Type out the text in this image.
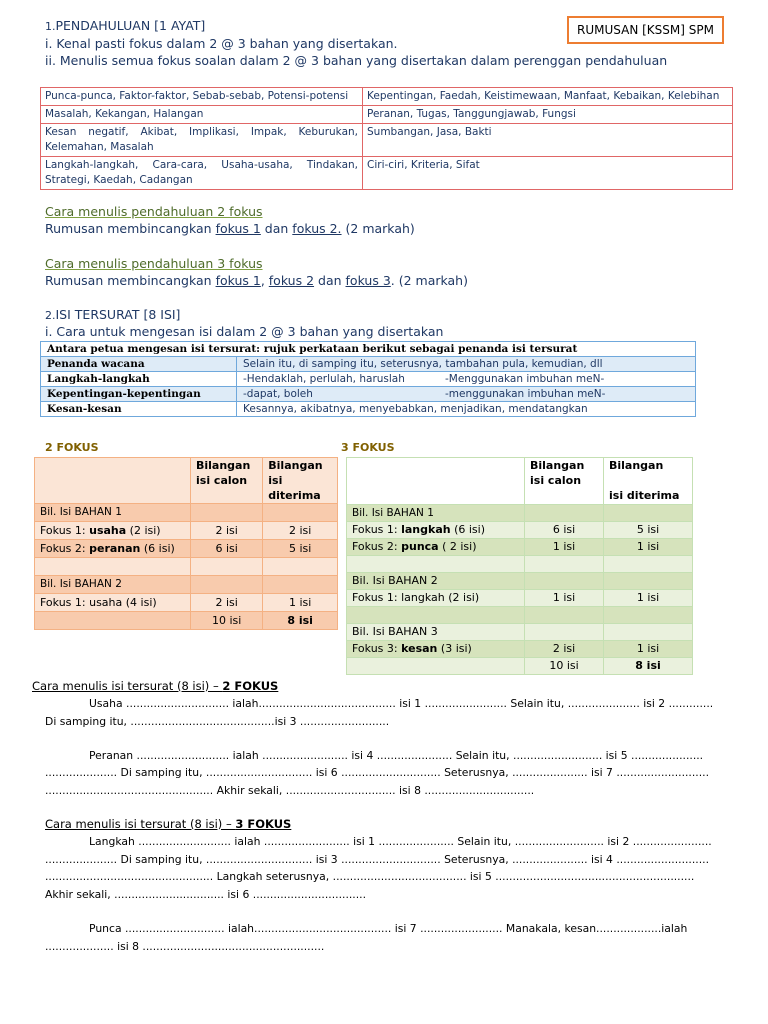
RUMUSAN [KSSM] SPM
1.PENDAHULUAN [1 AYAT]
i. Kenal pasti fokus dalam 2 @ 3 bahan yang disertakan.
ii. Menulis semua fokus soalan dalam 2 @ 3 bahan yang disertakan dalam perenggan pendahuluan
Punca-punca, Faktor-faktor, Sebab-sebab, Potensi-potensi	Kepentingan, Faedah, Keistimewaan, Manfaat, Kebaikan, Kelebihan
Masalah, Kekangan, Halangan	Peranan, Tugas, Tanggungjawab, Fungsi
Kesan negatif, Akibat, Implikasi, Impak, Keburukan, Kelemahan, Masalah	Sumbangan, Jasa, Bakti
Langkah-langkah, Cara-cara, Usaha-usaha, Tindakan, Strategi, Kaedah, Cadangan	Ciri-ciri, Kriteria, Sifat
Cara menulis pendahuluan 2 fokus
Rumusan membincangkan fokus 1 dan fokus 2. (2 markah)
Cara menulis pendahuluan 3 fokus
Rumusan membincangkan fokus 1, fokus 2 dan fokus 3. (2 markah)
2.ISI TERSURAT [8 ISI]
i. Cara untuk mengesan isi dalam 2 @ 3 bahan yang disertakan
Antara petua mengesan isi tersurat: rujuk perkataan berikut sebagai penanda isi tersurat		
Penanda wacana	Selain itu, di samping itu, seterusnya, tambahan pula, kemudian, dll	
Langkah-langkah	-Hendaklah, perlulah, haruslah	-Menggunakan imbuhan meN-
Kepentingan-kepentingan	-dapat, boleh	-menggunakan imbuhan meN-
Kesan-kesan	Kesannya, akibatnya, menyebabkan, menjadikan, mendatangkan	
2 FOKUS
	Bilangan isi calon	Bilangan isi diterima
Bil. Isi BAHAN 1		
Fokus 1: usaha (2 isi)	2 isi	2 isi
Fokus 2: peranan (6 isi)	6 isi	5 isi

Bil. Isi BAHAN 2		
Fokus 1: usaha (4 isi)	2 isi	1 isi
	10 isi	8 isi
3 FOKUS
	Bilangan isi calon	Bilangan
isi diterima

Bil. Isi BAHAN 1		
Fokus 1: langkah (6 isi)	6 isi	5 isi
Fokus 2: punca ( 2 isi)	1 isi	1 isi

Bil. Isi BAHAN 2		
Fokus 1: langkah (2 isi)	1 isi	1 isi

Bil. Isi BAHAN 3		
Fokus 3: kesan (3 isi)	2 isi	1 isi
	10 isi	8 isi
Cara menulis isi tersurat (8 isi) – 2 FOKUS
Usaha .............................. ialah........................................ isi 1 ........................ Selain itu, ..................... isi 2 .............
Di samping itu, ..........................................isi 3 ..........................
Peranan ........................... ialah ......................... isi 4 ...................... Selain itu, .......................... isi 5 .....................
..................... Di samping itu, ............................... isi 6 ............................. Seterusnya, ...................... isi 7 ...........................
................................................. Akhir sekali, ................................ isi 8 ................................
Cara menulis isi tersurat (8 isi) – 3 FOKUS
Langkah ........................... ialah ......................... isi 1 ...................... Selain itu, .......................... isi 2 .......................
..................... Di samping itu, ............................... isi 3 ............................. Seterusnya, ...................... isi 4 ...........................
................................................. Langkah seterusnya, ....................................... isi 5 ..........................................................
Akhir sekali, ................................ isi 6 .................................
Punca ............................. ialah........................................ isi 7 ........................ Manakala, kesan...................ialah
.................... isi 8 .....................................................
